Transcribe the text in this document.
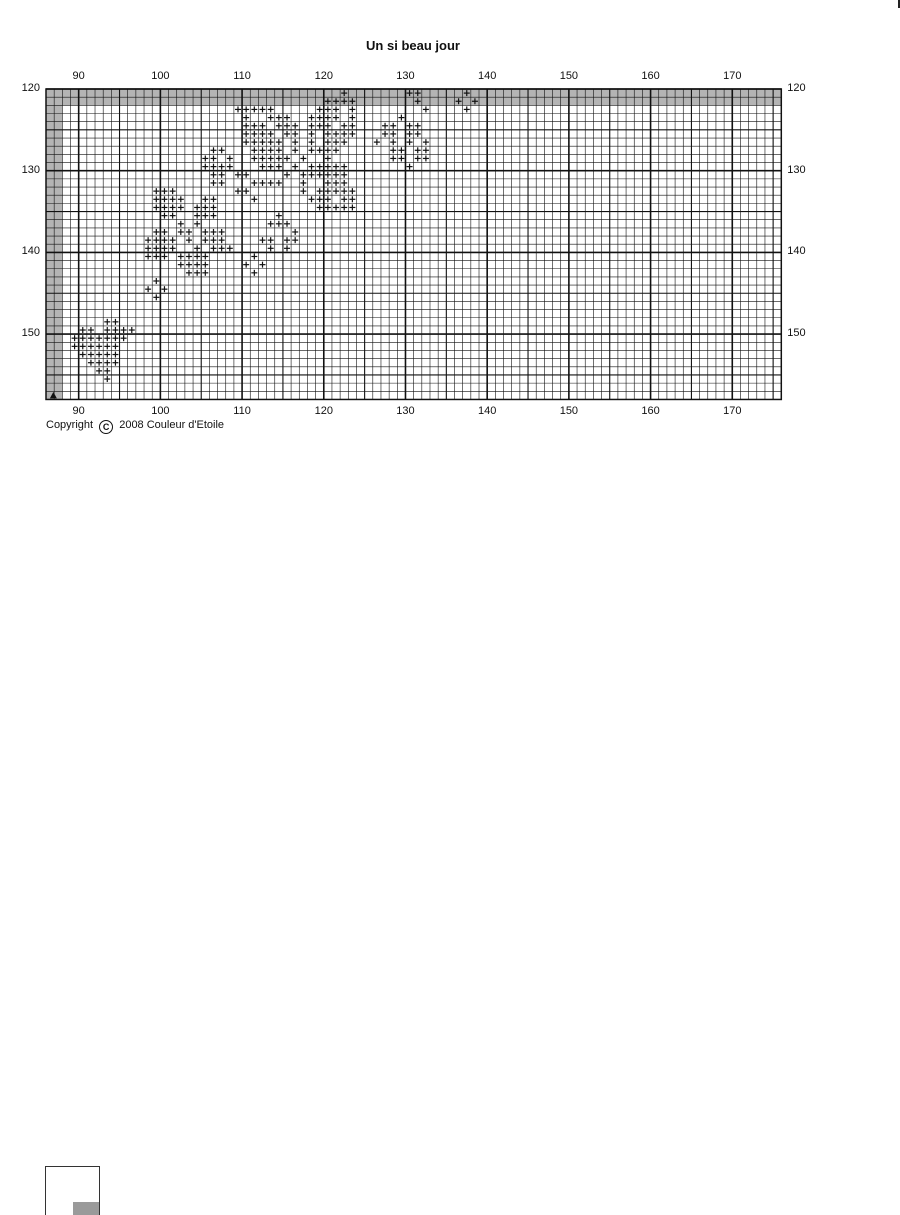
Un si beau jour
90	100	110	120	130	140	150	160	170
90	100	110	120	130	140	150	160	170
120
130
140
150
120
130
140
150
Copyright C 2008 Couleur d'Etoile
